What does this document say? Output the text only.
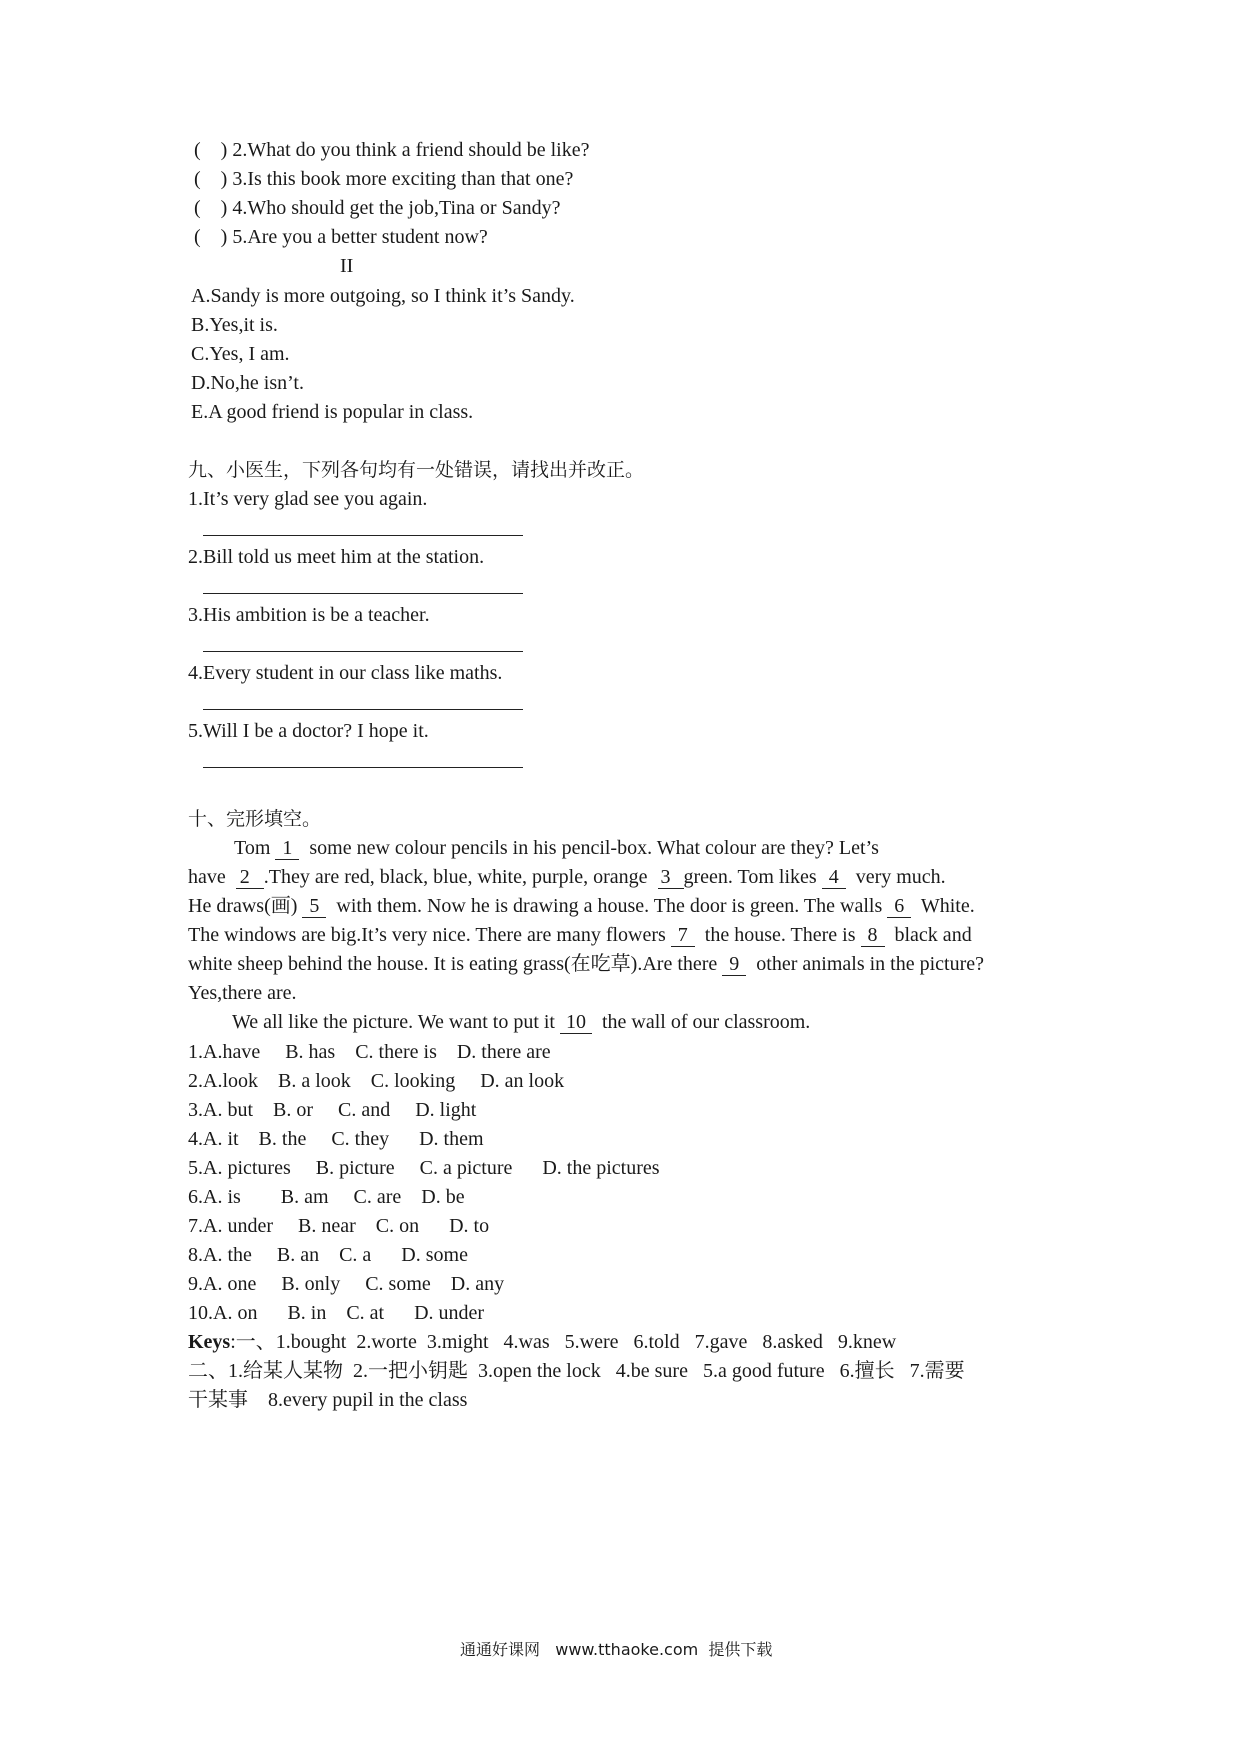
(    ) 2.What do you think a friend should be like?
(    ) 3.Is this book more exciting than that one?
(    ) 4.Who should get the job,Tina or Sandy?
(    ) 5.Are you a better student now?
II
A.Sandy is more outgoing, so I think it’s Sandy.
B.Yes,it is.
C.Yes, I am.
D.No,he isn’t.
E.A good friend is popular in class.
九、小医生，下列各句均有一处错误，请找出并改正。
1.It’s very glad see you again.
2.Bill told us meet him at the station.
3.His ambition is be a teacher.
4.Every student in our class like maths.
5.Will I be a doctor? I hope it.
十、完形填空。
Tom 1  some new colour pencils in his pencil-box. What colour are they? Let’s
have  2  .They are red, black, blue, white, purple, orange  3  green. Tom likes 4  very much.
He draws(画) 5  with them. Now he is drawing a house. The door is green. The walls 6  White.
The windows are big.It’s very nice. There are many flowers 7  the house. There is 8  black and
white sheep behind the house. It is eating grass(在吃草).Are there 9  other animals in the picture?
Yes,there are.
We all like the picture. We want to put it 10  the wall of our classroom.
1.A.have     B. has    C. there is    D. there are
2.A.look    B. a look    C. looking     D. an look
3.A. but    B. or     C. and     D. light
4.A. it    B. the     C. they      D. them
5.A. pictures     B. picture     C. a picture      D. the pictures
6.A. is        B. am     C. are    D. be
7.A. under     B. near    C. on      D. to
8.A. the     B. an    C. a      D. some
9.A. one     B. only     C. some    D. any
10.A. on      B. in    C. at      D. under
Keys:一、1.bought  2.worte  3.might   4.was   5.were   6.told   7.gave   8.asked   9.knew
二、1.给某人某物  2.一把小钥匙  3.open the lock   4.be sure   5.a good future   6.擅长   7.需要
干某事    8.every pupil in the class
通通好课网   www.tthaoke.com  提供下载
